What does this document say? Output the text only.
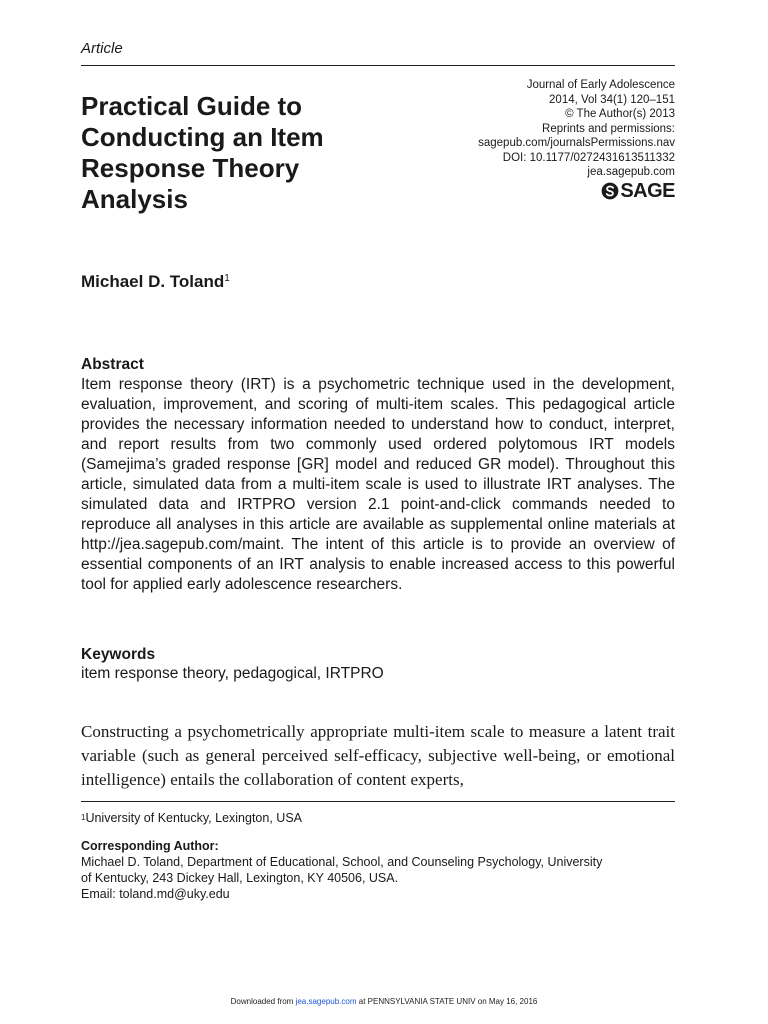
Article
Practical Guide to Conducting an Item Response Theory Analysis
Journal of Early Adolescence
2014, Vol 34(1) 120–151
© The Author(s) 2013
Reprints and permissions:
sagepub.com/journalsPermissions.nav
DOI: 10.1177/0272431613511332
jea.sagepub.com
SAGE
Michael D. Toland$^1$
Abstract

Item response theory (IRT) is a psychometric technique used in the development, evaluation, improvement, and scoring of multi-item scales. This pedagogical article provides the necessary information needed to understand how to conduct, interpret, and report results from two commonly used ordered polytomous IRT models (Samejima’s graded response [GR] model and reduced GR model). Throughout this article, simulated data from a multi-item scale is used to illustrate IRT analyses. The simulated data and IRTPRO version 2.1 point-and-click commands needed to reproduce all analyses in this article are available as supplemental online materials at http://jea.sagepub.com/maint. The intent of this article is to provide an overview of essential components of an IRT analysis to enable increased access to this powerful tool for applied early adolescence researchers.

Keywords
item response theory, pedagogical, IRTPRO

Constructing a psychometrically appropriate multi-item scale to measure a latent trait variable (such as general perceived self-efficacy, subjective well-being, or emotional intelligence) entails the collaboration of content experts,

$^1$University of Kentucky, Lexington, USA
Corresponding Author:
Michael D. Toland, Department of Educational, School, and Counseling Psychology, University
of Kentucky, 243 Dickey Hall, Lexington, KY 40506, USA.
Email: toland.md@uky.edu
Downloaded from jea.sagepub.com at PENNSYLVANIA STATE UNIV on May 16, 2016
